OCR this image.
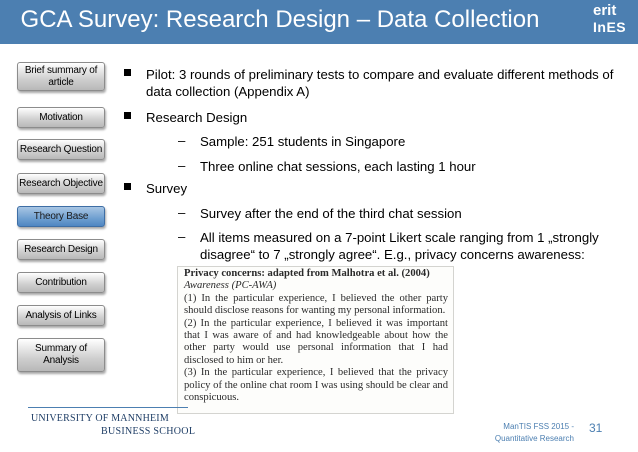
GCA Survey: Research Design – Data Collection	erit
InES
Brief summary of article
Motivation
Research Question
Research Objective
Theory Base
Research Design
Contribution
Analysis of Links
Summary of Analysis
Pilot: 3 rounds of preliminary tests to compare and evaluate different methods of data collection (Appendix A)
Research Design
– Sample: 251 students in Singapore
– Three online chat sessions, each lasting 1 hour
Survey
– Survey after the end of the third chat session
– All items measured on a 7-point Likert scale ranging from 1 „strongly disagree“ to 7 „strongly agree“. E.g., privacy concerns awareness:
Privacy concerns: adapted from Malhotra et al. (2004)
Awareness (PC-AWA)

(1) In the particular experience, I believed the other party should disclose reasons for wanting my personal information.

(2) In the particular experience, I believed it was important that I was aware of and had knowledgeable about how the other party would use personal information that I had disclosed to him or her.

(3) In the particular experience, I believed that the privacy policy of the online chat room I was using should be clear and conspicuous.

UNIVERSITY OF MANNHEIM
BUSINESS SCHOOL	ManTIS FSS 2015 - Quantitative Research
31
